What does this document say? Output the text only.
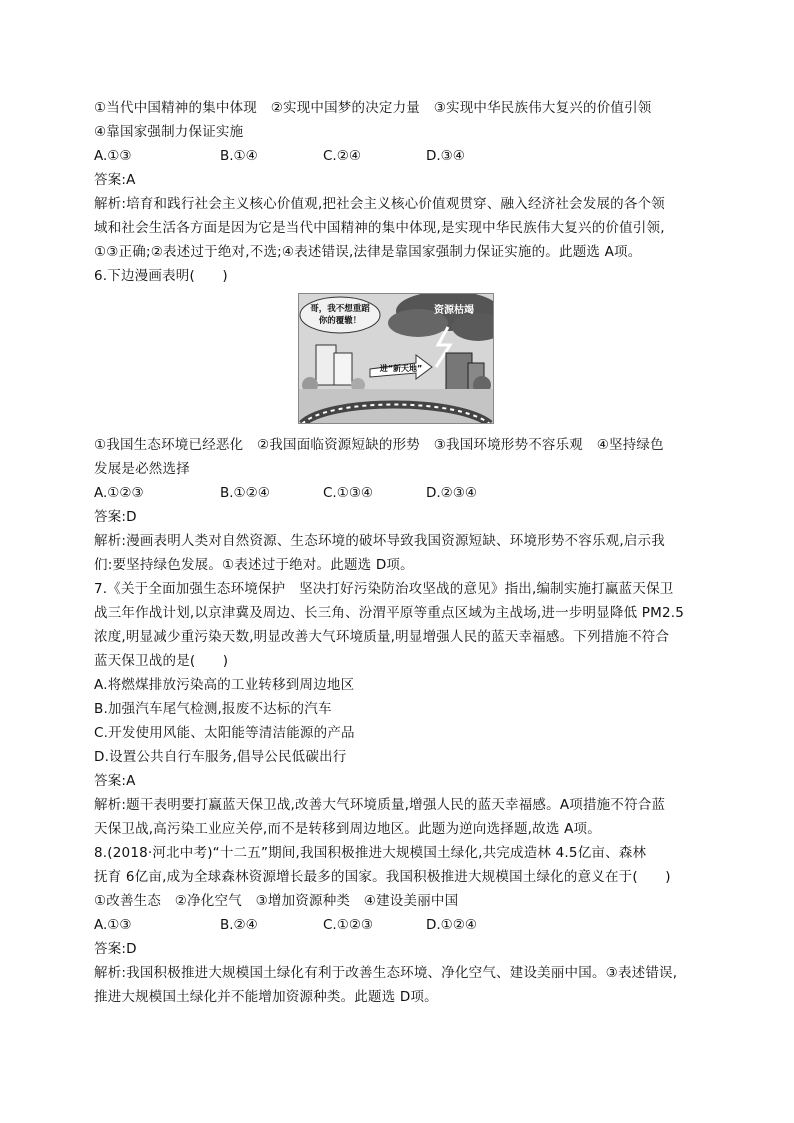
①当代中国精神的集中体现　②实现中国梦的决定力量　③实现中华民族伟大复兴的价值引领
④靠国家强制力保证实施
A.①③	B.①④	C.②④	D.③④
答案:A
解析:培育和践行社会主义核心价值观,把社会主义核心价值观贯穿、融入经济社会发展的各个领
域和社会生活各方面是因为它是当代中国精神的集中体现,是实现中华民族伟大复兴的价值引领,
①③正确;②表述过于绝对,不选;④表述错误,法律是靠国家强制力保证实施的。此题选 A项。
6.下边漫画表明(　　)
资源枯竭
哥，我不想重蹈
你的覆辙！
进“新天地”
①我国生态环境已经恶化　②我国面临资源短缺的形势　③我国环境形势不容乐观　④坚持绿色
发展是必然选择
A.①②③	B.①②④	C.①③④	D.②③④
答案:D
解析:漫画表明人类对自然资源、生态环境的破坏导致我国资源短缺、环境形势不容乐观,启示我
们:要坚持绿色发展。①表述过于绝对。此题选 D项。
7.《关于全面加强生态环境保护　坚决打好污染防治攻坚战的意见》指出,编制实施打赢蓝天保卫
战三年作战计划,以京津冀及周边、长三角、汾渭平原等重点区域为主战场,进一步明显降低 PM2.5
浓度,明显减少重污染天数,明显改善大气环境质量,明显增强人民的蓝天幸福感。下列措施不符合
蓝天保卫战的是(　　)
A.将燃煤排放污染高的工业转移到周边地区
B.加强汽车尾气检测,报废不达标的汽车
C.开发使用风能、太阳能等清洁能源的产品
D.设置公共自行车服务,倡导公民低碳出行
答案:A
解析:题干表明要打赢蓝天保卫战,改善大气环境质量,增强人民的蓝天幸福感。A项措施不符合蓝
天保卫战,高污染工业应关停,而不是转移到周边地区。此题为逆向选择题,故选 A项。
8.(2018·河北中考)“十二五”期间,我国积极推进大规模国土绿化,共完成造林 4.5亿亩、森林
抚育 6亿亩,成为全球森林资源增长最多的国家。我国积极推进大规模国土绿化的意义在于(　　)
①改善生态　②净化空气　③增加资源种类　④建设美丽中国
A.①③	B.②④	C.①②③	D.①②④
答案:D
解析:我国积极推进大规模国土绿化有利于改善生态环境、净化空气、建设美丽中国。③表述错误,
推进大规模国土绿化并不能增加资源种类。此题选 D项。
